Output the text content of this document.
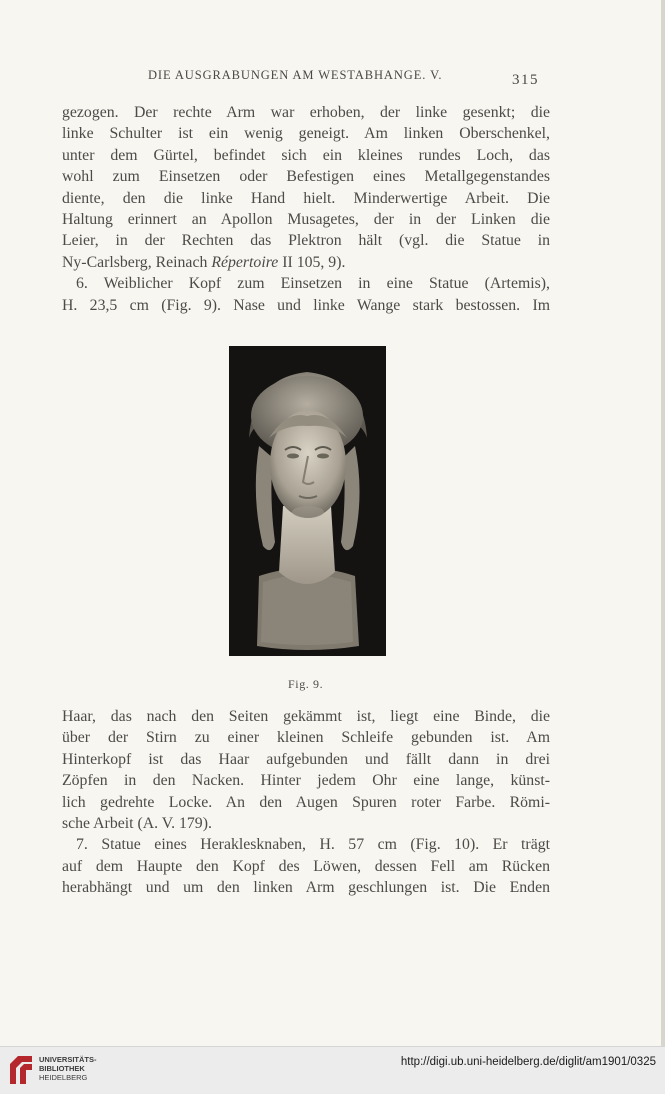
DIE AUSGRABUNGEN AM WESTABHANGE. V.	315
gezogen. Der rechte Arm war erhoben, der linke gesenkt; die
linke Schulter ist ein wenig geneigt. Am linken Oberschenkel,
unter dem Gürtel, befindet sich ein kleines rundes Loch, das
wohl zum Einsetzen oder Befestigen eines Metallgegenstandes
diente, den die linke Hand hielt. Minderwertige Arbeit. Die
Haltung erinnert an Apollon Musagetes, der in der Linken die
Leier, in der Rechten das Plektron hält (vgl. die Statue in
Ny-Carlsberg, Reinach Répertoire II 105, 9).
6. Weiblicher Kopf zum Einsetzen in eine Statue (Artemis),
H. 23,5 cm (Fig. 9). Nase und linke Wange stark bestossen. Im
Fig. 9.
Haar, das nach den Seiten gekämmt ist, liegt eine Binde, die
über der Stirn zu einer kleinen Schleife gebunden ist. Am
Hinterkopf ist das Haar aufgebunden und fällt dann in drei
Zöpfen in den Nacken. Hinter jedem Ohr eine lange, künst-
lich gedrehte Locke. An den Augen Spuren roter Farbe. Römi-
sche Arbeit (A. V. 179).
7. Statue eines Heraklesknaben, H. 57 cm (Fig. 10). Er trägt
auf dem Haupte den Kopf des Löwen, dessen Fell am Rücken
herabhängt und um den linken Arm geschlungen ist. Die Enden
UNIVERSITÄTS-
BIBLIOTHEK
HEIDELBERG
http://digi.ub.uni-heidelberg.de/diglit/am1901/0325
